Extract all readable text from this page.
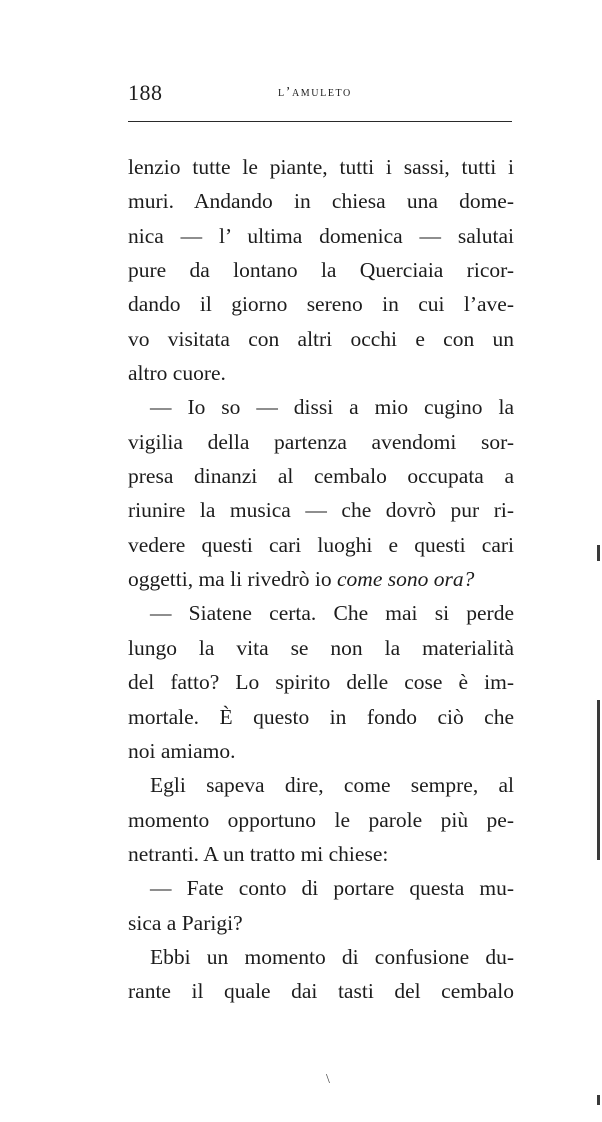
188	l’amuleto
lenzio tutte le piante, tutti i sassi, tutti i
muri. Andando in chiesa una dome-
nica — l’ ultima domenica — salutai
pure da lontano la Querciaia ricor-
dando il giorno sereno in cui l’ave-
vo visitata con altri occhi e con un
altro cuore.
— Io so — dissi a mio cugino la
vigilia della partenza avendomi sor-
presa dinanzi al cembalo occupata a
riunire la musica — che dovrò pur ri-
vedere questi cari luoghi e questi cari
oggetti, ma li rivedrò io come sono ora?
— Siatene certa. Che mai si perde
lungo la vita se non la materialità
del fatto? Lo spirito delle cose è im-
mortale. È questo in fondo ciò che
noi amiamo.
Egli sapeva dire, come sempre, al
momento opportuno le parole più pe-
netranti. A un tratto mi chiese:
— Fate conto di portare questa mu-
sica a Parigi?
Ebbi un momento di confusione du-
rante il quale dai tasti del cembalo
\
